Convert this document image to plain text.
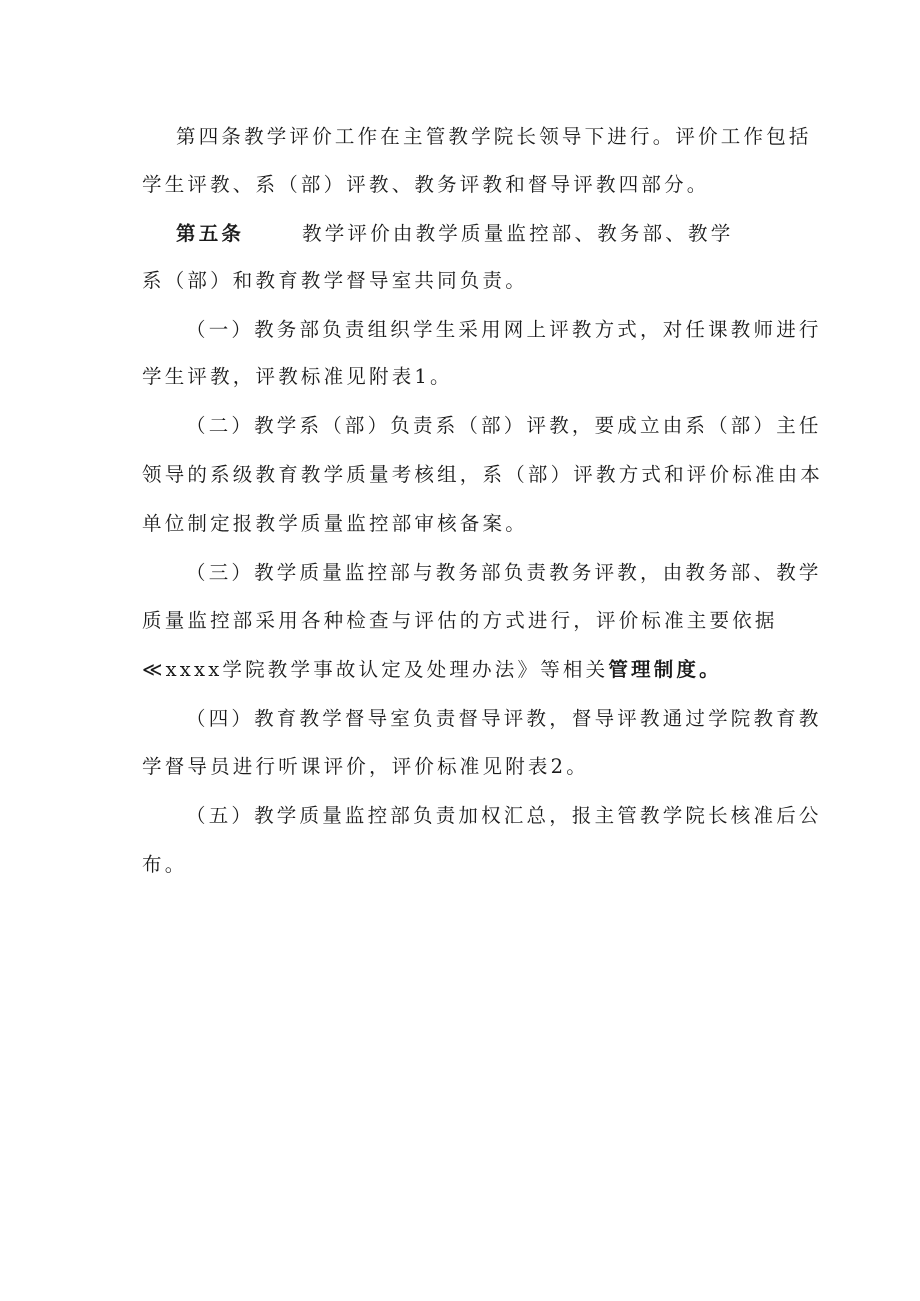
第四条教学评价工作在主管教学院长领导下进行。评价工作包括
学生评教、系（部）评教、教务评教和督导评教四部分。
第五条	教学评价由教学质量监控部、教务部、教学
系（部）和教育教学督导室共同负责。
（一）教务部负责组织学生采用网上评教方式，对任课教师进行
学生评教，评教标准见附表1。
（二）教学系（部）负责系（部）评教，要成立由系（部）主任
领导的系级教育教学质量考核组，系（部）评教方式和评价标准由本
单位制定报教学质量监控部审核备案。
（三）教学质量监控部与教务部负责教务评教，由教务部、教学
质量监控部采用各种检查与评估的方式进行，评价标准主要依据
≪xxxx学院教学事故认定及处理办法》等相关管理制度。
（四）教育教学督导室负责督导评教，督导评教通过学院教育教
学督导员进行听课评价，评价标准见附表2。
（五）教学质量监控部负责加权汇总，报主管教学院长核准后公
布。
